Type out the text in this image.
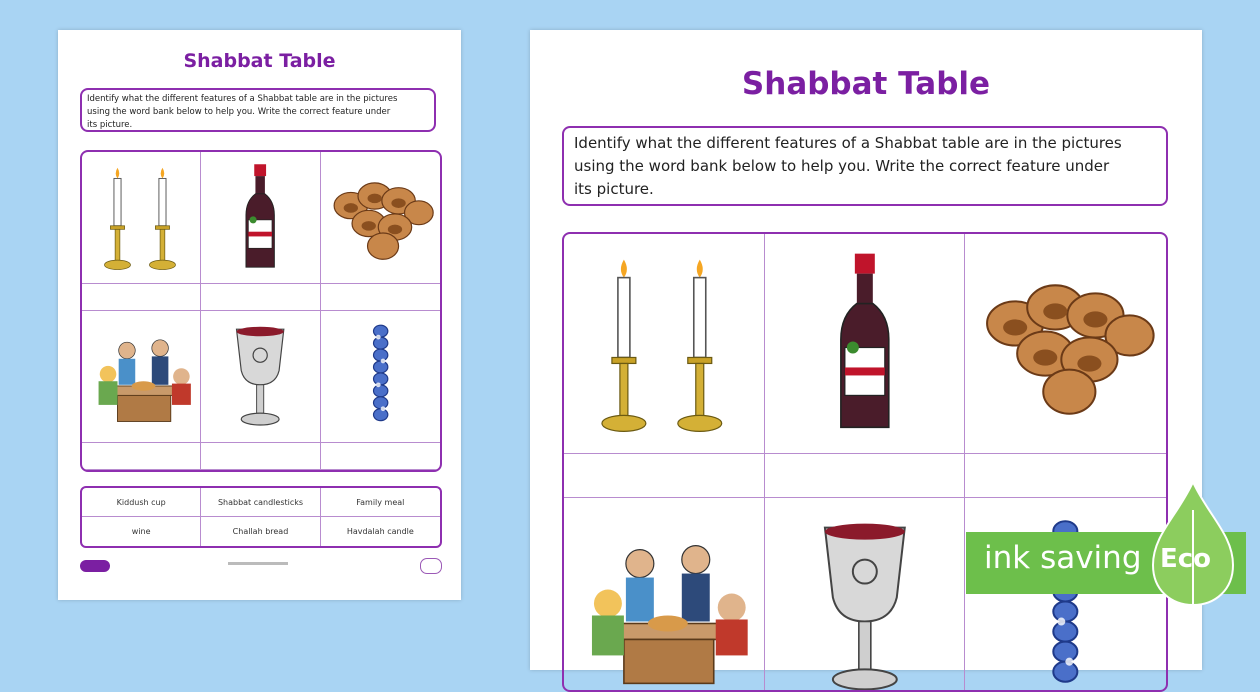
Shabbat Table
Identify what the different features of a Shabbat table are in the pictures
using the word bank below to help you. Write the correct feature under
its picture.
Kiddush cup	Shabbat candlesticks	Family meal
wine	Challah bread	Havdalah candle
Shabbat Table
Identify what the different features of a Shabbat table are in the pictures
using the word bank below to help you. Write the correct feature under
its picture.
ink saving Eco
